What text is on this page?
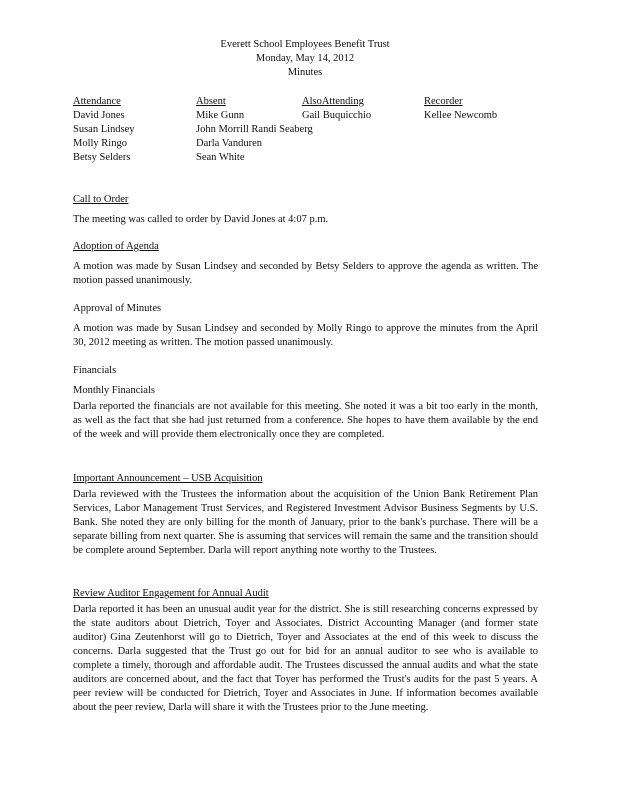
Everett School Employees Benefit Trust
Monday, May 14, 2012
Minutes
Attendance
David Jones
Susan Lindsey
Molly Ringo
Betsy Selders
Absent
Mike Gunn
John Morrill Randi Seaberg
Darla Vanduren
Sean White
AlsoAttending
Gail Buquicchio
Recorder
Kellee Newcomb
Call to Order
The meeting was called to order by David Jones at 4:07 p.m.
Adoption of Agenda
A motion was made by Susan Lindsey and seconded by Betsy Selders to approve the agenda as written. The motion passed unanimously.
Approval of Minutes
A motion was made by Susan Lindsey and seconded by Molly Ringo to approve the minutes from the April 30, 2012 meeting as written. The motion passed unanimously.
Financials
Monthly Financials
Darla reported the financials are not available for this meeting. She noted it was a bit too early in the month, as well as the fact that she had just returned from a conference. She hopes to have them available by the end of the week and will provide them electronically once they are completed.
Important Announcement – USB Acquisition
Darla reviewed with the Trustees the information about the acquisition of the Union Bank Retirement Plan Services, Labor Management Trust Services, and Registered Investment Advisor Business Segments by U.S. Bank. She noted they are only billing for the month of January, prior to the bank's purchase. There will be a separate billing from next quarter. She is assuming that services will remain the same and the transition should be complete around September. Darla will report anything note worthy to the Trustees.
Review Auditor Engagement for Annual Audit
Darla reported it has been an unusual audit year for the district. She is still researching concerns expressed by the state auditors about Dietrich, Toyer and Associates. District Accounting Manager (and former state auditor) Gina Zeutenhorst will go to Dietrich, Toyer and Associates at the end of this week to discuss the concerns. Darla suggested that the Trust go out for bid for an annual auditor to see who is available to complete a timely, thorough and affordable audit. The Trustees discussed the annual audits and what the state auditors are concerned about, and the fact that Toyer has performed the Trust's audits for the past 5 years. A peer review will be conducted for Dietrich, Toyer and Associates in June. If information becomes available about the peer review, Darla will share it with the Trustees prior to the June meeting.
